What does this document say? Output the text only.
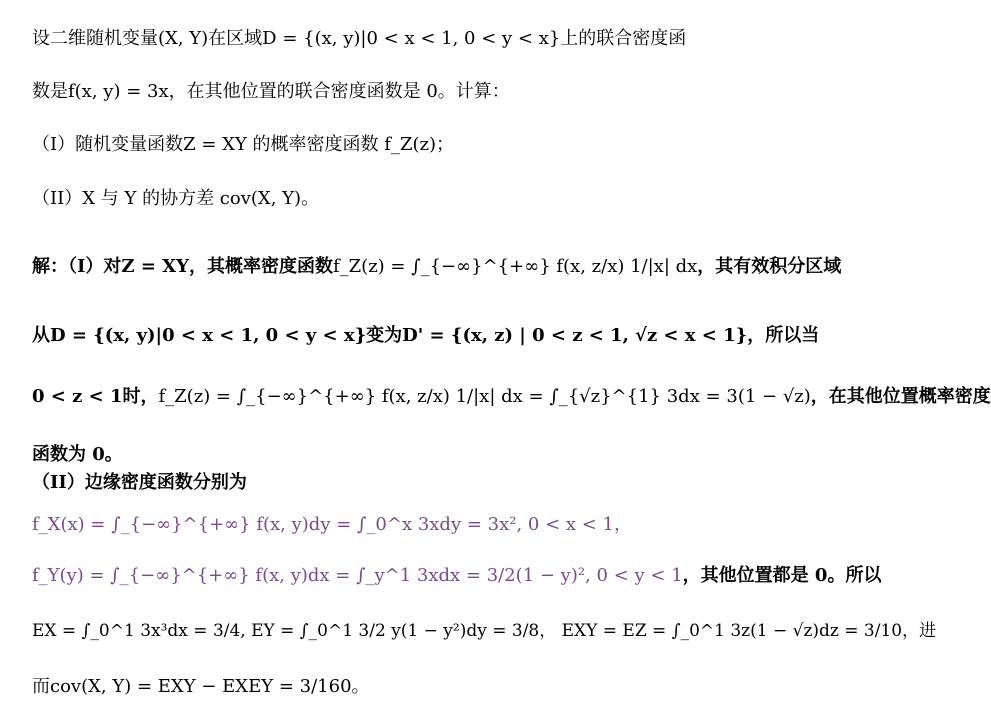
设二维随机变量(X, Y)在区域D = {(x, y)|0 < x < 1, 0 < y < x}上的联合密度函
数是f(x, y) = 3x，在其他位置的联合密度函数是 0。计算：
（I）随机变量函数Z = XY 的概率密度函数 f_Z(z)；
（II）X 与 Y 的协方差 cov(X, Y)。
解：（I）对Z = XY，其概率密度函数f_Z(z) = ∫_{−∞}^{+∞} f(x, z/x) 1/|x| dx，其有效积分区域
从D = {(x, y)|0 < x < 1, 0 < y < x}变为D' = {(x, z) | 0 < z < 1, √z < x < 1}，所以当
0 < z < 1时，f_Z(z) = ∫_{−∞}^{+∞} f(x, z/x) 1/|x| dx = ∫_{√z}^{1} 3dx = 3(1 − √z)，在其他位置概率密度
函数为 0。
（II）边缘密度函数分别为
f_X(x) = ∫_{−∞}^{+∞} f(x, y)dy = ∫_0^x 3xdy = 3x², 0 < x < 1，
f_Y(y) = ∫_{−∞}^{+∞} f(x, y)dx = ∫_y^1 3xdx = 3/2(1 − y)², 0 < y < 1，其他位置都是 0。所以
EX = ∫_0^1 3x³dx = 3/4, EY = ∫_0^1 3/2 y(1 − y²)dy = 3/8， EXY = EZ = ∫_0^1 3z(1 − √z)dz = 3/10，进
而cov(X, Y) = EXY − EXEY = 3/160。
